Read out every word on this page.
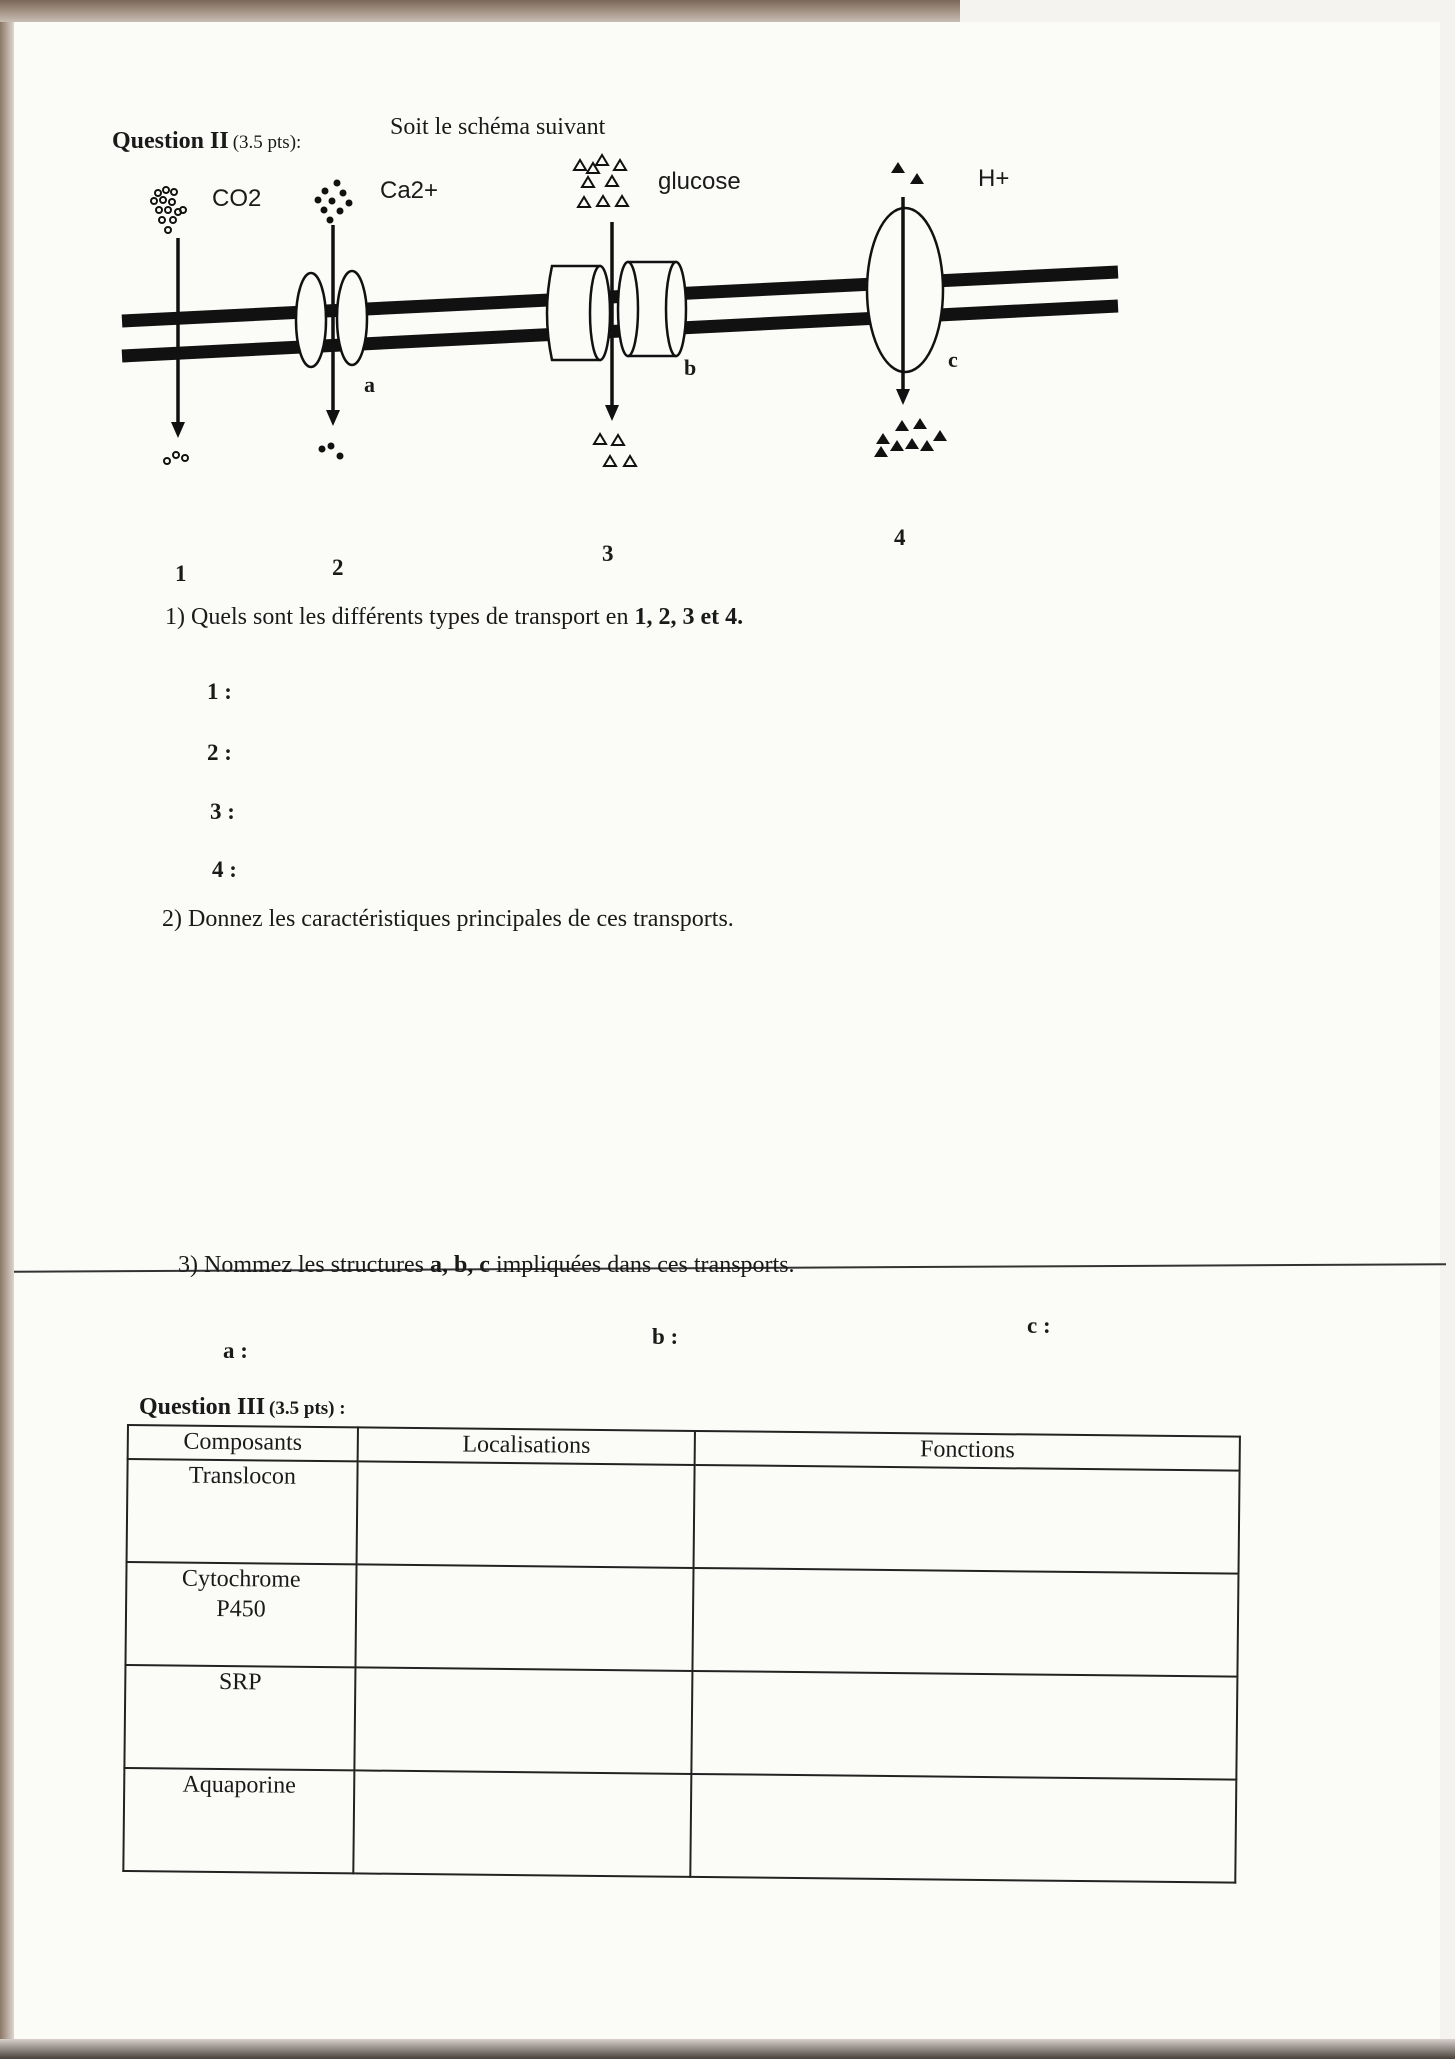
Question II (3.5 pts):
Soit le schéma suivant
CO2	Ca2+	glucose	H+
a
b	c
1	2
3
4
1) Quels sont les différents types de transport en 1, 2, 3 et 4.
1 :
2 :
3 :
4 :
2) Donnez les caractéristiques principales de ces transports.
3) Nommez les structures a, b, c impliquées dans ces transports.
a :
b :	c :
Question III (3.5 pts) :
Composants	Localisations	Fonctions
Translocon		
Cytochrome P450		
SRP		
Aquaporine		
